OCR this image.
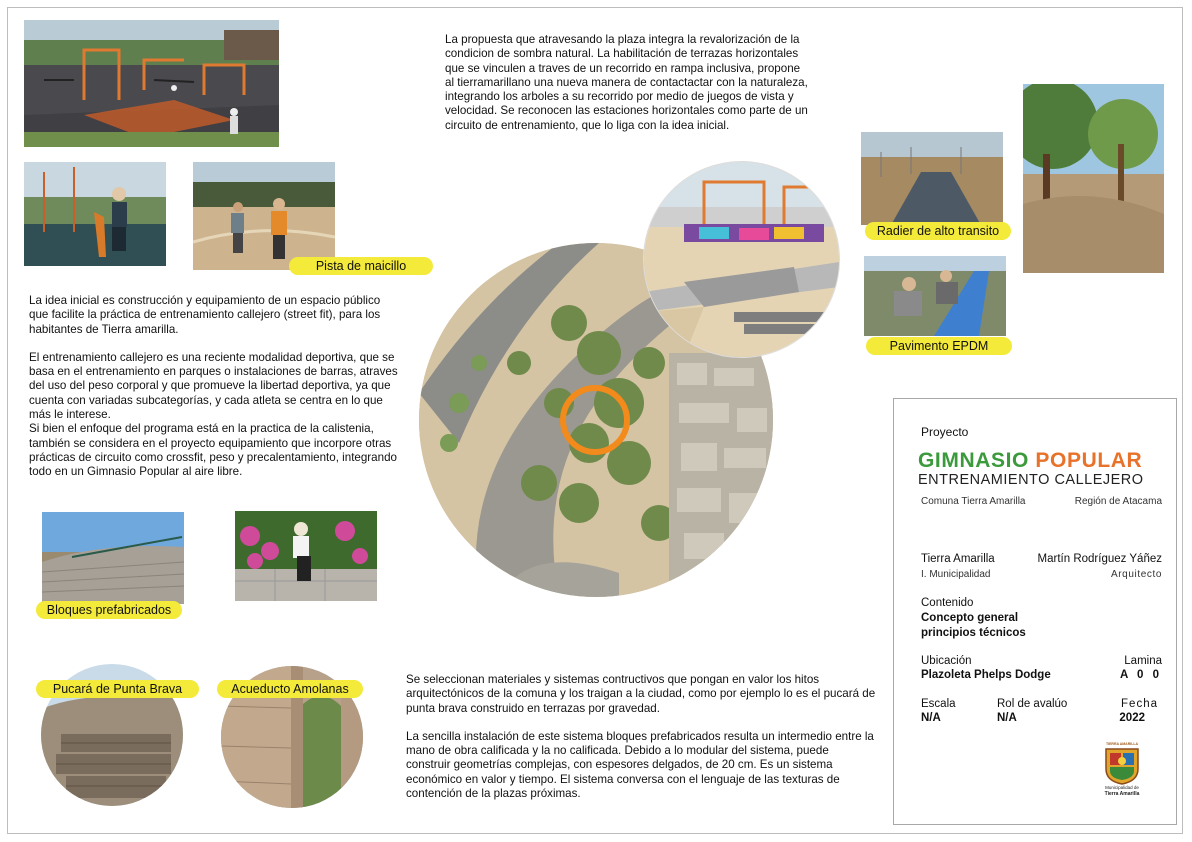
Pista de maicillo
La propuesta que atravesando la plaza integra la revalorización de la condicion de sombra natural. La habilitación de terrazas horizontales que se vinculen a traves de un recorrido en rampa inclusiva, propone al tierramarillano una nueva manera de contactactar con la naturaleza, integrando los arboles a su recorrido por medio de juegos de vista y velocidad. Se reconocen las estaciones horizontales como parte de un circuito de entrenamiento, que lo liga con la idea inicial.

La idea inicial es construcción y equipamiento de un espacio público que facilite la práctica de entrenamiento callejero (street fit), para los habitantes de Tierra amarilla.

El entrenamiento callejero es una reciente modalidad deportiva, que se basa en el entrenamiento en parques o instalaciones de barras, atraves del uso del peso corporal y que promueve la libertad deportiva, ya que cuenta con variadas subcategorías, y cada atleta se centra en lo que más le interese.

Si bien el enfoque del programa está en la practica de la calistenia, también se considera en el proyecto equipamiento que incorpore otras prácticas de circuito como crossfit, peso y precalentamiento, integrando todo en un Gimnasio Popular al aire libre.

Radier de alto transito
Pavimento EPDM
Bloques prefabricados
Pucará de Punta Brava	Acueducto Amolanas

Se seleccionan materiales y sistemas contructivos que pongan en valor los hitos arquitectónicos de la comuna y los traigan a la ciudad, como por ejemplo lo es el pucará de punta brava construido en terrazas por gravedad.

La sencilla instalación de este sistema bloques prefabricados resulta un intermedio entre la mano de obra calificada y la no calificada. Debido a lo modular del sistema, puede construir geometrías complejas, con espesores delgados, de 20 cm. Es un sistema económico en valor y tiempo. El sistema conversa con el lenguaje de las texturas de contención de la plazas próximas.

Proyecto
GIMNASIO POPULAR
ENTRENAMIENTO CALLEJERO
Comuna Tierra Amarilla	Región de Atacama
Tierra Amarilla
I. Municipalidad
Martín Rodríguez Yáñez
Arquitecto
Contenido
Concepto general
principios técnicos
Ubicación
Plazoleta Phelps Dodge
Lamina
A 0 0
Escala
N/A
Rol de avalúo
N/A
Fecha
2022
TIERRA AMARILLA
Municipalidad de
Tierra Amarilla
